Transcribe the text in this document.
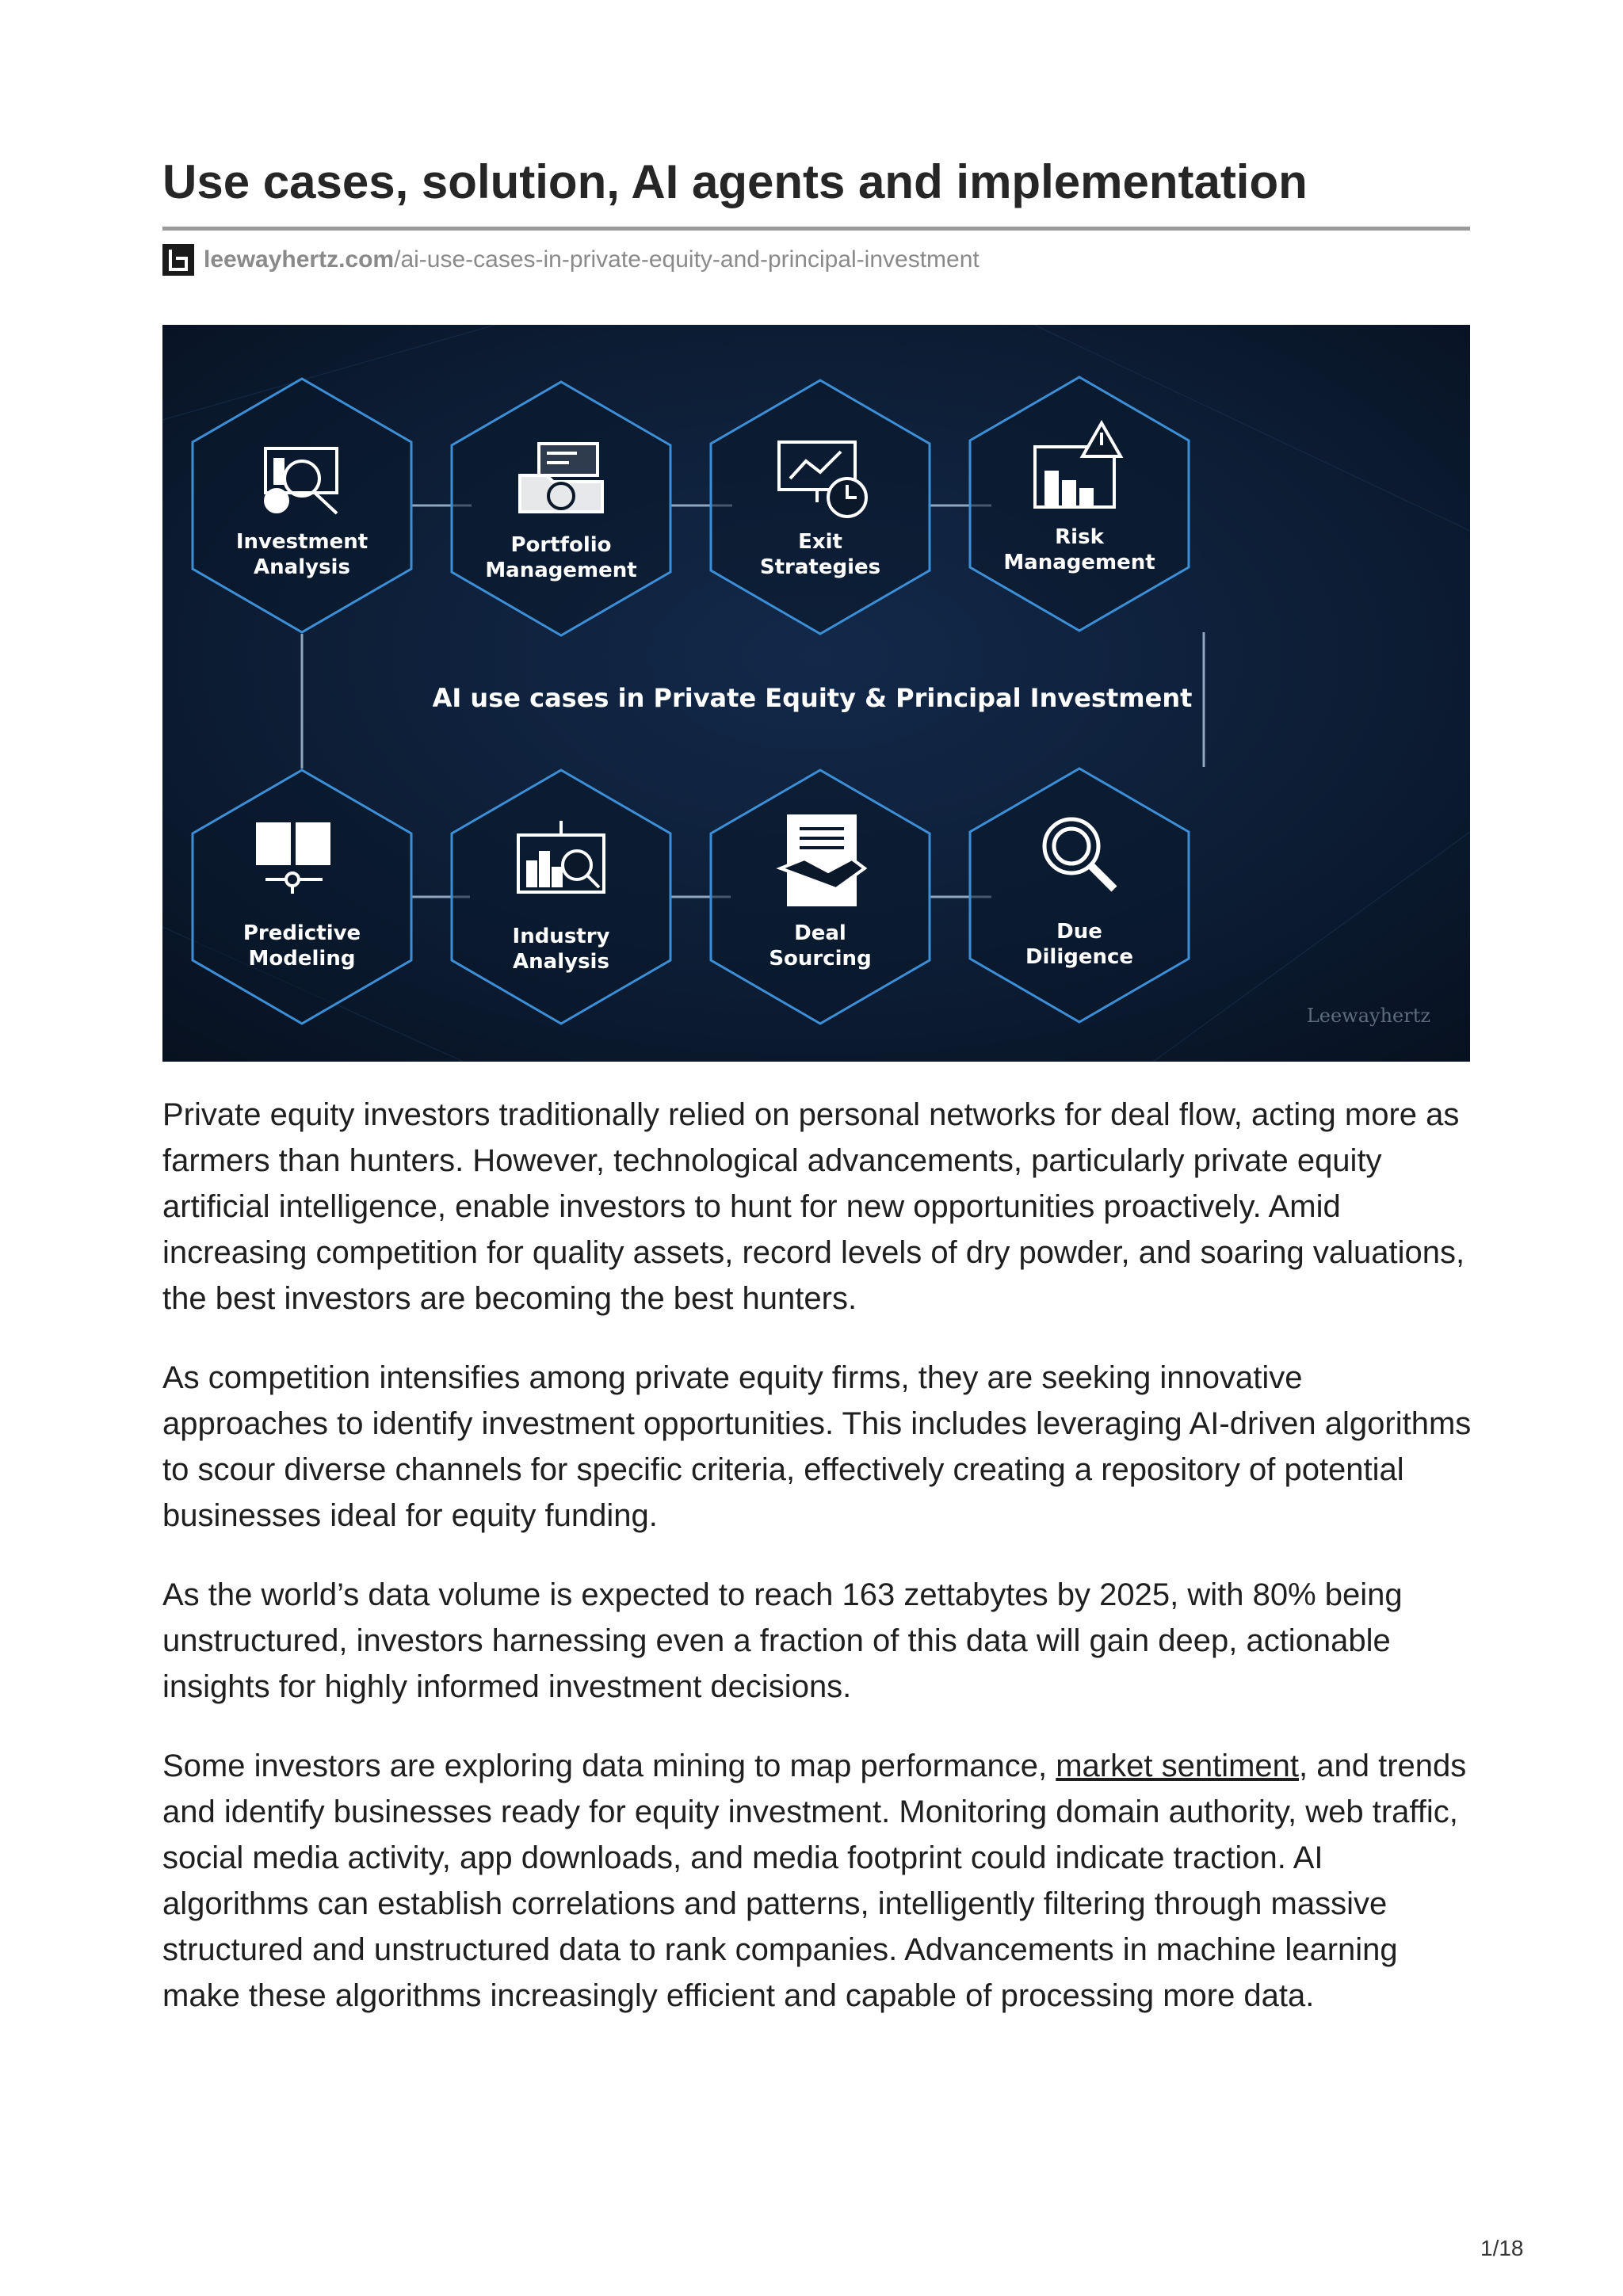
Use cases, solution, AI agents and implementation
leewayhertz.com/ai-use-cases-in-private-equity-and-principal-investment
Investment
Analysis
Portfolio
Management
Exit
Strategies
Risk
Management
AI use cases in Private Equity & Principal Investment
Predictive
Modeling
Industry
Analysis
Deal
Sourcing
Due
Diligence
Leewayhertz

Private equity investors traditionally relied on personal networks for deal flow, acting more as farmers than hunters. However, technological advancements, particularly private equity artificial intelligence, enable investors to hunt for new opportunities proactively. Amid increasing competition for quality assets, record levels of dry powder, and soaring valuations, the best investors are becoming the best hunters.

As competition intensifies among private equity firms, they are seeking innovative approaches to identify investment opportunities. This includes leveraging AI-driven algorithms to scour diverse channels for specific criteria, effectively creating a repository of potential businesses ideal for equity funding.

As the world’s data volume is expected to reach 163 zettabytes by 2025, with 80% being unstructured, investors harnessing even a fraction of this data will gain deep, actionable insights for highly informed investment decisions.

Some investors are exploring data mining to map performance, market sentiment, and trends and identify businesses ready for equity investment. Monitoring domain authority, web traffic, social media activity, app downloads, and media footprint could indicate traction. AI algorithms can establish correlations and patterns, intelligently filtering through massive structured and unstructured data to rank companies. Advancements in machine learning make these algorithms increasingly efficient and capable of processing more data.

1/18
